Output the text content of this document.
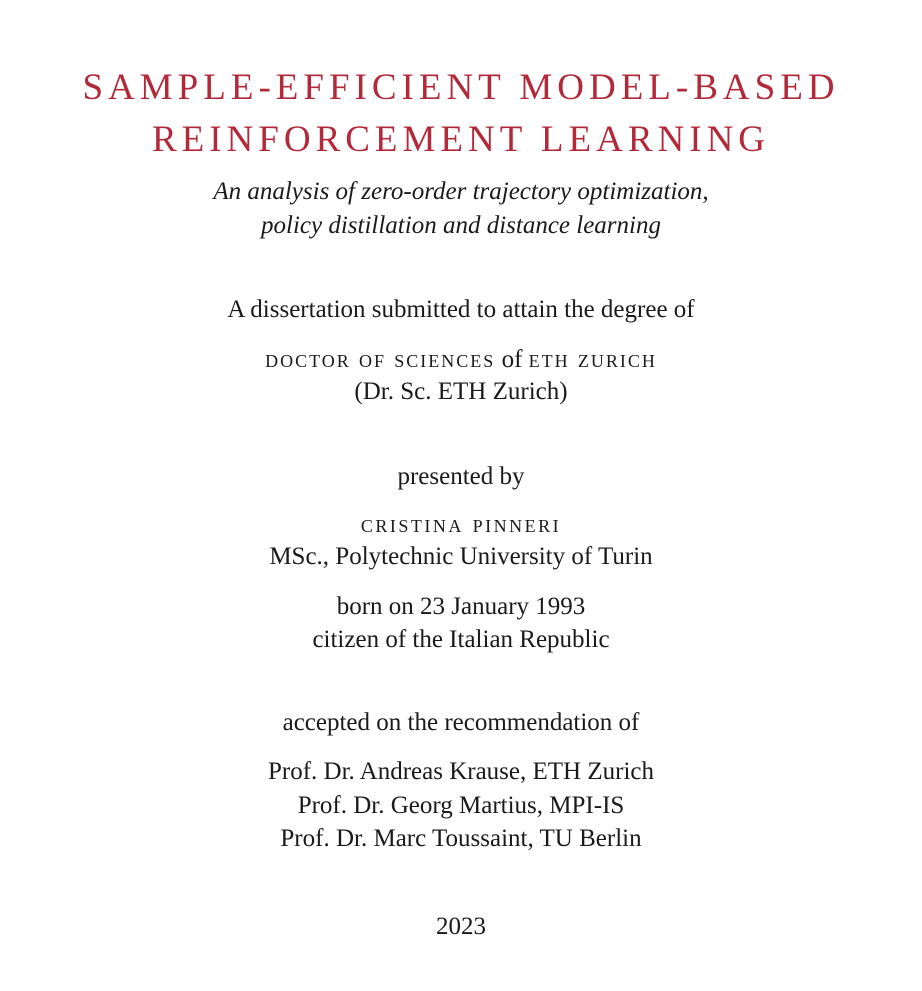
SAMPLE-EFFICIENT MODEL-BASED
REINFORCEMENT LEARNING
An analysis of zero-order trajectory optimization,
policy distillation and distance learning
A dissertation submitted to attain the degree of
doctor of sciences of eth zurich
(Dr. Sc. ETH Zurich)
presented by
cristina pinneri
MSc., Polytechnic University of Turin
born on 23 January 1993
citizen of the Italian Republic
accepted on the recommendation of
Prof. Dr. Andreas Krause, ETH Zurich
Prof. Dr. Georg Martius, MPI-IS
Prof. Dr. Marc Toussaint, TU Berlin
2023
